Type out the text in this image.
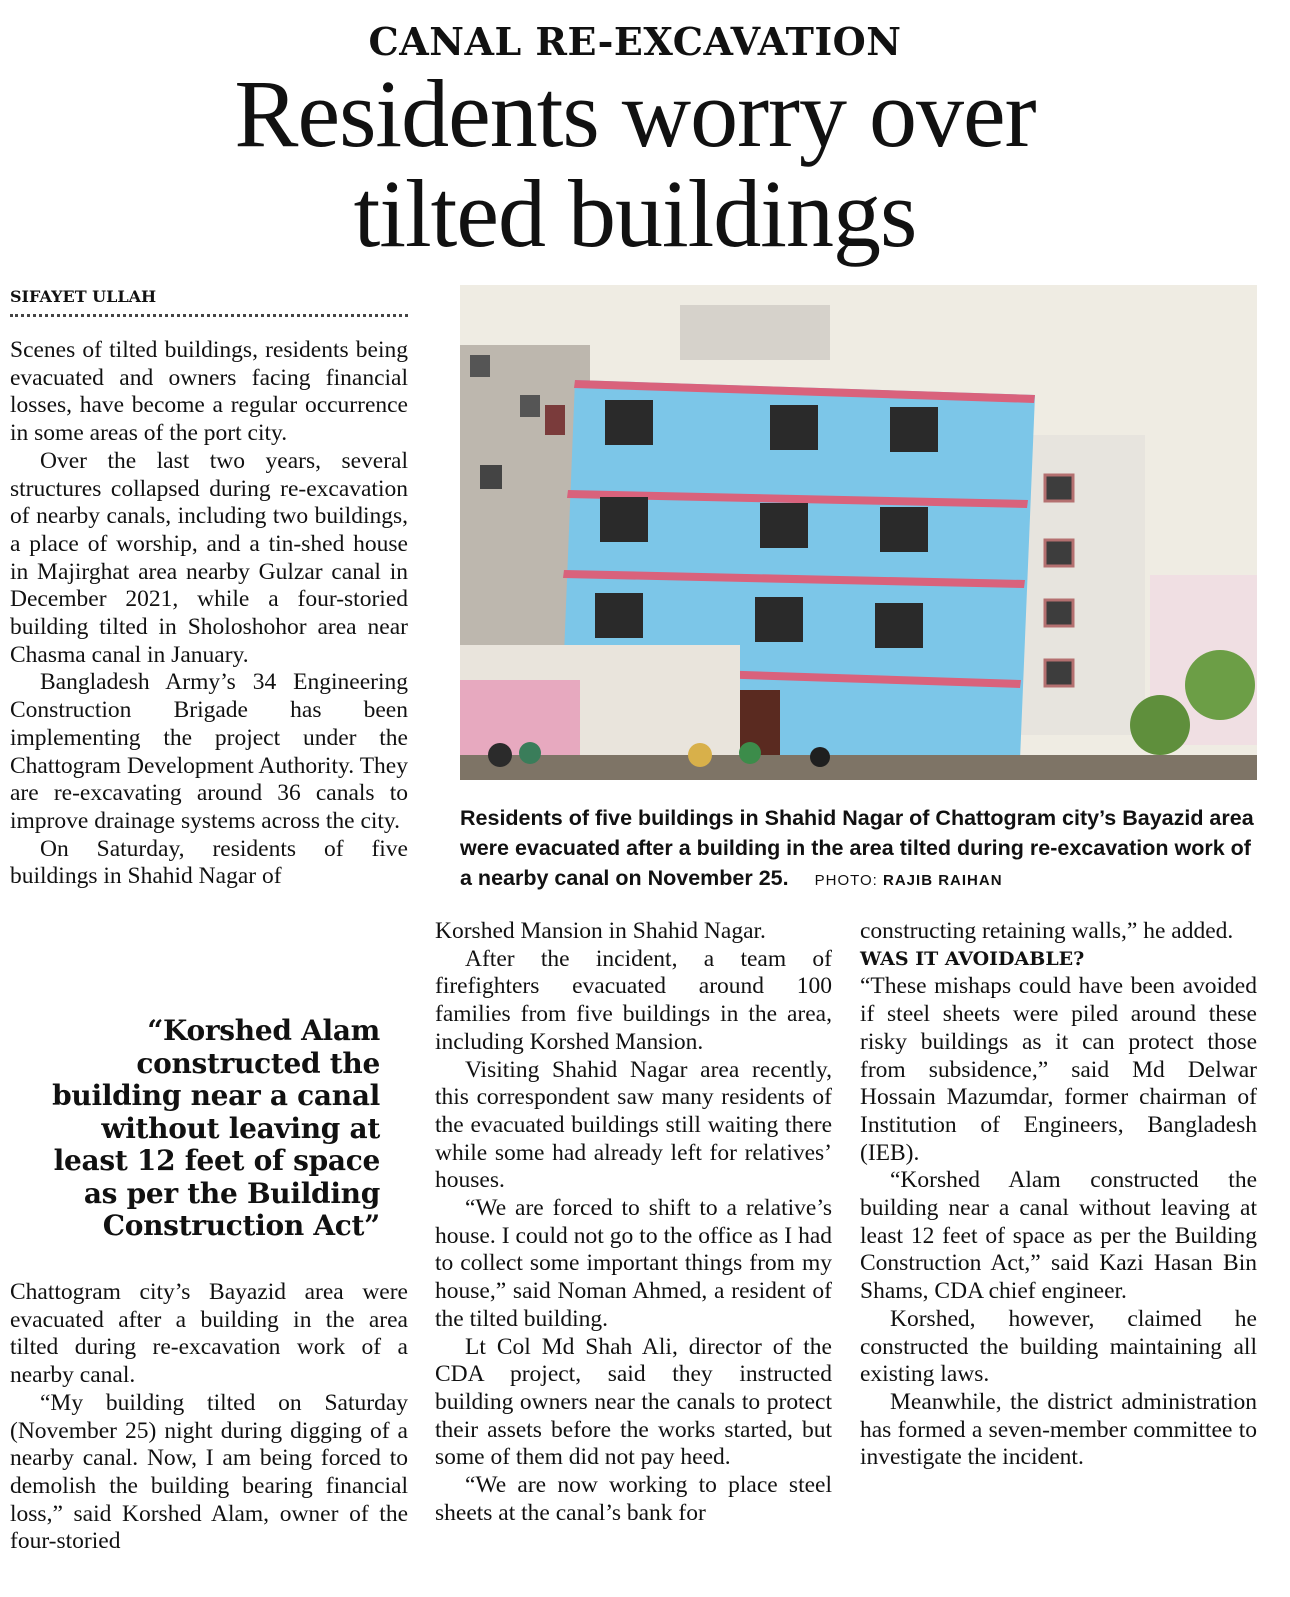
CANAL RE-EXCAVATION
Residents worry over
tilted buildings
SIFAYET ULLAH

Scenes of tilted buildings, residents being evacuated and owners facing financial losses, have become a regular occurrence in some areas of the port city.

Over the last two years, several structures collapsed during re-excavation of nearby canals, including two buildings, a place of worship, and a tin-shed house in Majirghat area nearby Gulzar canal in December 2021, while a four-storied building tilted in Sholoshohor area near Chasma canal in January.

Bangladesh Army’s 34 Engineering Construction Brigade has been implementing the project under the Chattogram Development Authority. They are re-excavating around 36 canals to improve drainage systems across the city.

On Saturday, residents of five buildings in Shahid Nagar of

“Korshed Alam constructed the building near a canal without leaving at least 12 feet of space as per the Building Construction Act”

Chattogram city’s Bayazid area were evacuated after a building in the area tilted during re-excavation work of a nearby canal.

“My building tilted on Saturday (November 25) night during digging of a nearby canal. Now, I am being forced to demolish the building bearing financial loss,” said Korshed Alam, owner of the four-storied

Residents of five buildings in Shahid Nagar of Chattogram city’s Bayazid area were evacuated after a building in the area tilted during re-excavation work of a nearby canal on November 25. PHOTO: RAJIB RAIHAN

Korshed Mansion in Shahid Nagar.

After the incident, a team of firefighters evacuated around 100 families from five buildings in the area, including Korshed Mansion.

Visiting Shahid Nagar area recently, this correspondent saw many residents of the evacuated buildings still waiting there while some had already left for relatives’ houses.

“We are forced to shift to a relative’s house. I could not go to the office as I had to collect some important things from my house,” said Noman Ahmed, a resident of the tilted building.

Lt Col Md Shah Ali, director of the CDA project, said they instructed building owners near the canals to protect their assets before the works started, but some of them did not pay heed.

“We are now working to place steel sheets at the canal’s bank for

constructing retaining walls,” he added.

WAS IT AVOIDABLE?

“These mishaps could have been avoided if steel sheets were piled around these risky buildings as it can protect those from subsidence,” said Md Delwar Hossain Mazumdar, former chairman of Institution of Engineers, Bangladesh (IEB).

“Korshed Alam constructed the building near a canal without leaving at least 12 feet of space as per the Building Construction Act,” said Kazi Hasan Bin Shams, CDA chief engineer.

Korshed, however, claimed he constructed the building maintaining all existing laws.

Meanwhile, the district administration has formed a seven-member committee to investigate the incident.
